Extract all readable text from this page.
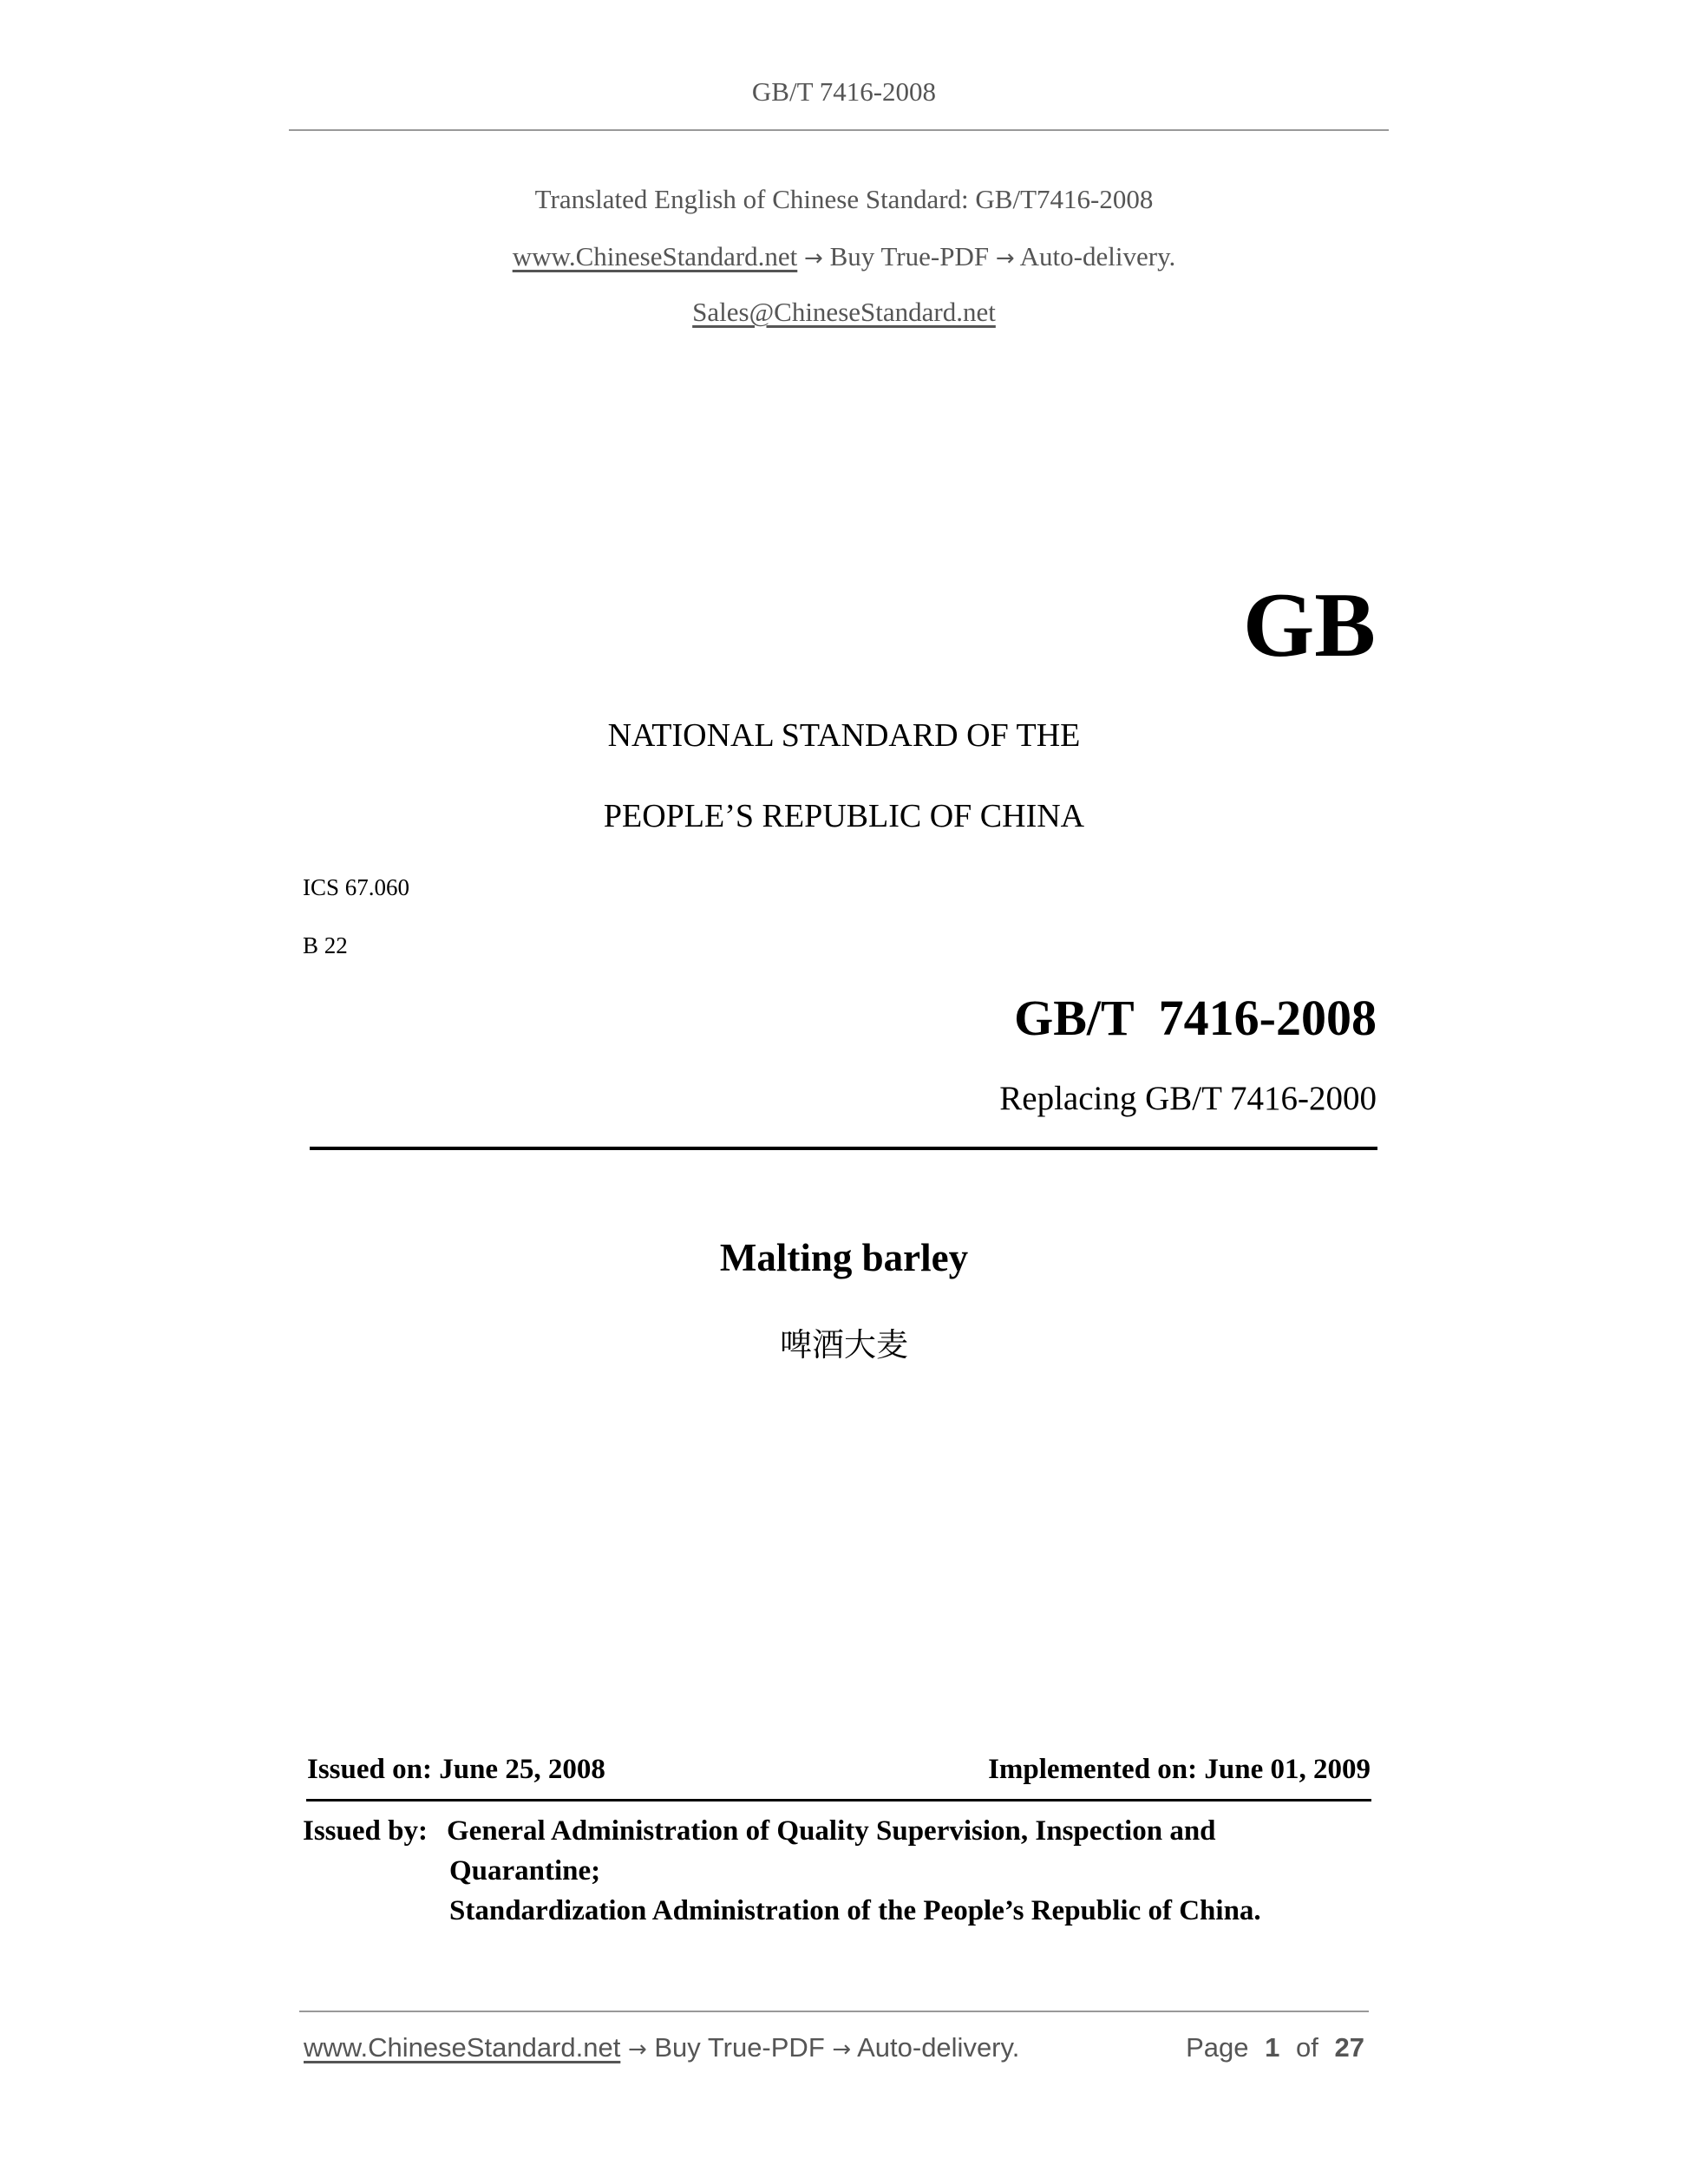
GB/T 7416-2008
Translated English of Chinese Standard: GB/T7416-2008
www.ChineseStandard.net → Buy True-PDF → Auto-delivery.
Sales@ChineseStandard.net
GB
NATIONAL STANDARD OF THE
PEOPLE’S REPUBLIC OF CHINA
ICS 67.060
B 22
GB/T  7416-2008
Replacing GB/T 7416-2000
Malting barley
啤酒大麦
Issued on: June 25, 2008	Implemented on: June 01, 2009
Issued by: General Administration of Quality Supervision, Inspection and
Quarantine;
Standardization Administration of the People’s Republic of China.
www.ChineseStandard.net → Buy True-PDF → Auto-delivery.	Page 1 of 27
